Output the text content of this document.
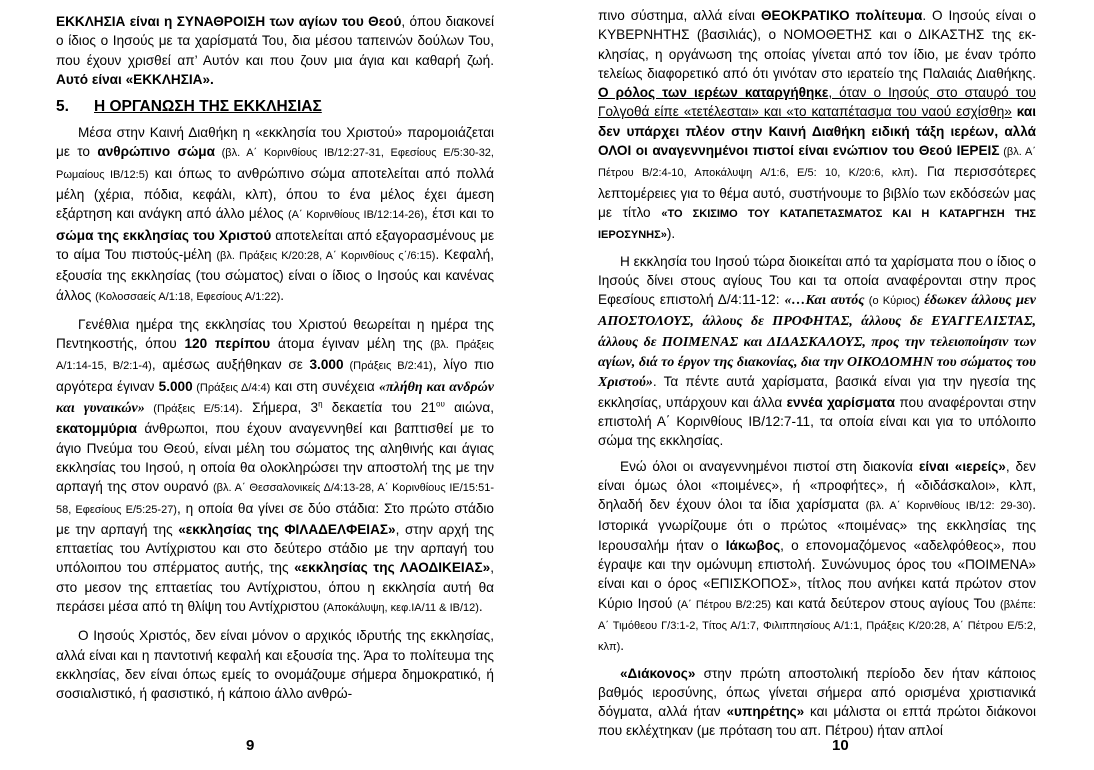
ΕΚΚΛΗΣΙΑ είναι η ΣΥΝΑΘΡΟΙΣΗ των αγίων του Θεού, όπου διακονεί ο ίδιος ο Ιησούς με τα χαρίσματά Του, δια μέσου ταπεινών δούλων Του, που έχουν χρισθεί απ’ Αυτόν και που ζουν μια άγια και καθαρή ζωή. Αυτό είναι «ΕΚΚΛΗΣΙΑ».

5.	Η ΟΡΓΑΝΩΣΗ ΤΗΣ ΕΚΚΛΗΣΙΑΣ

Μέσα στην Καινή Διαθήκη η «εκκλησία του Χριστού» παρομοιάζεται με το ανθρώπινο σώμα (βλ. Α΄ Κορινθίους ΙΒ/12:27-31, Εφεσίους Ε/5:30-32, Ρωμαίους ΙΒ/12:5) και όπως το ανθρώπινο σώμα αποτελείται από πολλά μέλη (χέρια, πόδια, κεφάλι, κλπ), όπου το ένα μέλος έχει άμεση εξάρτηση και ανάγκη από άλλο μέλος (Α΄ Κορινθίους ΙΒ/12:14-26), έτσι και το σώμα της εκκλησίας του Χριστού αποτελείται από εξαγορασμένους με το αίμα Του πιστούς-μέλη (βλ. Πράξεις Κ/20:28, Α΄ Κορινθίους ς΄/6:15). Κεφαλή, εξουσία της εκκλησίας (του σώματος) είναι ο ίδιος ο Ιησούς και κανένας άλλος (Κολοσσαείς Α/1:18, Εφεσίους Α/1:22).

Γενέθλια ημέρα της εκκλησίας του Χριστού θεωρείται η ημέρα της Πεντηκοστής, όπου 120 περίπου άτομα έγιναν μέλη της (βλ. Πράξεις Α/1:14-15, Β/2:1-4), αμέσως αυξήθηκαν σε 3.000 (Πράξεις Β/2:41), λίγο πιο αργότερα έγιναν 5.000 (Πράξεις Δ/4:4) και στη συνέχεια «πλήθη και ανδρών και γυναικών» (Πράξεις Ε/5:14). Σήμερα, $3^\eta$ δεκαετία του $21^{o\upsilon}$ αιώνα, εκατομμύρια άνθρωποι, που έχουν αναγεννηθεί και βαπτισθεί με το άγιο Πνεύμα του Θεού, είναι μέλη του σώματος της αληθινής και άγιας εκκλησίας του Ιησού, η οποία θα ολοκληρώσει την αποστολή της με την αρπαγή της στον ουρανό (βλ. Α΄ Θεσσαλονικείς Δ/4:13-28, Α΄ Κορινθίους ΙΕ/15:51-58, Εφεσίους Ε/5:25-27), η οποία θα γίνει σε δύο στάδια: Στο πρώτο στάδιο με την αρπαγή της «εκκλησίας της ΦΙΛΑΔΕΛΦΕΙΑΣ», στην αρχή της επταετίας του Αντίχριστου και στο δεύτερο στάδιο με την αρπαγή του υπόλοιπου του σπέρματος αυτής, της «εκκλησίας της ΛΑΟΔΙΚΕΙΑΣ», στο μεσον της επταετίας του Αντίχριστου, όπου η εκκλησία αυτή θα περάσει μέσα από τη θλίψη του Αντίχριστου (Αποκάλυψη, κεφ.ΙΑ/11 & ΙΒ/12).

Ο Ιησούς Χριστός, δεν είναι μόνον ο αρχικός ιδρυτής της εκκλησίας, αλλά είναι και η παντοτινή κεφαλή και εξουσία της. Άρα το πολίτευμα της εκκλησίας, δεν είναι όπως εμείς το ονομάζουμε σήμερα δημοκρατικό, ή σοσιαλιστικό, ή φασιστικό, ή κάποιο άλλο ανθρώ-

9

πινο σύστημα, αλλά είναι ΘΕΟΚΡΑΤΙΚΟ πολίτευμα. Ο Ιησούς είναι ο ΚΥΒΕΡΝΗΤΗΣ (βασιλιάς), ο ΝΟΜΟΘΕΤΗΣ και ο ΔΙΚΑΣΤΗΣ της εκκλησίας, η οργάνωση της οποίας γίνεται από τον ίδιο, με έναν τρόπο τελείως διαφορετικό από ότι γινόταν στο ιερατείο της Παλαιάς Διαθήκης. Ο ρόλος των ιερέων καταργήθηκε, όταν ο Ιησούς στο σταυρό του Γολγοθά είπε «τετέλεσται» και «το καταπέτασμα του ναού εσχίσθη» και δεν υπάρχει πλέον στην Καινή Διαθήκη ειδική τάξη ιερέων, αλλά ΟΛΟΙ οι αναγεννημένοι πιστοί είναι ενώπιον του Θεού ΙΕΡΕΙΣ (βλ. Α΄ Πέτρου Β/2:4-10, Αποκάλυψη Α/1:6, Ε/5: 10, Κ/20:6, κλπ). Για περισσότερες λεπτομέρειες για το θέμα αυτό, συστήνουμε το βιβλίο των εκδόσεών μας με τίτλο «ΤΟ ΣΚΙΣΙΜΟ ΤΟΥ ΚΑΤΑΠΕΤΑΣΜΑΤΟΣ ΚΑΙ Η ΚΑΤΑΡΓΗΣΗ ΤΗΣ ΙΕΡΟΣΥΝΗΣ»).

Η εκκλησία του Ιησού τώρα διοικείται από τα χαρίσματα που ο ίδιος ο Ιησούς δίνει στους αγίους Του και τα οποία αναφέρονται στην προς Εφεσίους επιστολή Δ/4:11-12: «…Και αυτός (ο Κύριος) έδωκεν άλλους μεν ΑΠΟΣΤΟΛΟΥΣ, άλλους δε ΠΡΟΦΗΤΑΣ, άλλους δε ΕΥΑΓΓΕΛΙΣΤΑΣ, άλλους δε ΠΟΙΜΕΝΑΣ και ΔΙΔΑΣΚΑΛΟΥΣ, προς την τελειοποίησιν των αγίων, διά το έργον της διακονίας, δια την ΟΙΚΟΔΟΜΗΝ του σώματος του Χριστού». Τα πέντε αυτά χαρίσματα, βασικά είναι για την ηγεσία της εκκλησίας, υπάρχουν και άλλα εννέα χαρίσματα που αναφέρονται στην επιστολή Α΄ Κορινθίους ΙΒ/12:7-11, τα οποία είναι και για το υπόλοιπο σώμα της εκκλησίας.

Ενώ όλοι οι αναγεννημένοι πιστοί στη διακονία είναι «ιερείς», δεν είναι όμως όλοι «ποιμένες», ή «προφήτες», ή «διδάσκαλοι», κλπ, δηλαδή δεν έχουν όλοι τα ίδια χαρίσματα (βλ. Α΄ Κορινθίους ΙΒ/12: 29-30). Ιστορικά γνωρίζουμε ότι ο πρώτος «ποιμένας» της εκκλησίας της Ιερουσαλήμ ήταν ο Ιάκωβος, ο επονομαζόμενος «αδελφόθεος», που έγραψε και την ομώνυμη επιστολή. Συνώνυμος όρος του «ΠΟΙΜΕΝΑ» είναι και ο όρος «ΕΠΙΣΚΟΠΟΣ», τίτλος που ανήκει κατά πρώτον στον Κύριο Ιησού (Α΄ Πέτρου Β/2:25) και κατά δεύτερον στους αγίους Του (βλέπε: Α΄ Τιμόθεου Γ/3:1-2, Τίτος Α/1:7, Φιλιππησίους Α/1:1, Πράξεις Κ/20:28, Α΄ Πέτρου Ε/5:2, κλπ).

«Διάκονος» στην πρώτη αποστολική περίοδο δεν ήταν κάποιος βαθμός ιεροσύνης, όπως γίνεται σήμερα από ορισμένα χριστιανικά δόγματα, αλλά ήταν «υπηρέτης» και μάλιστα οι επτά πρώτοι διάκονοι που εκλέχτηκαν (με πρόταση του απ. Πέτρου) ήταν απλοί

10
